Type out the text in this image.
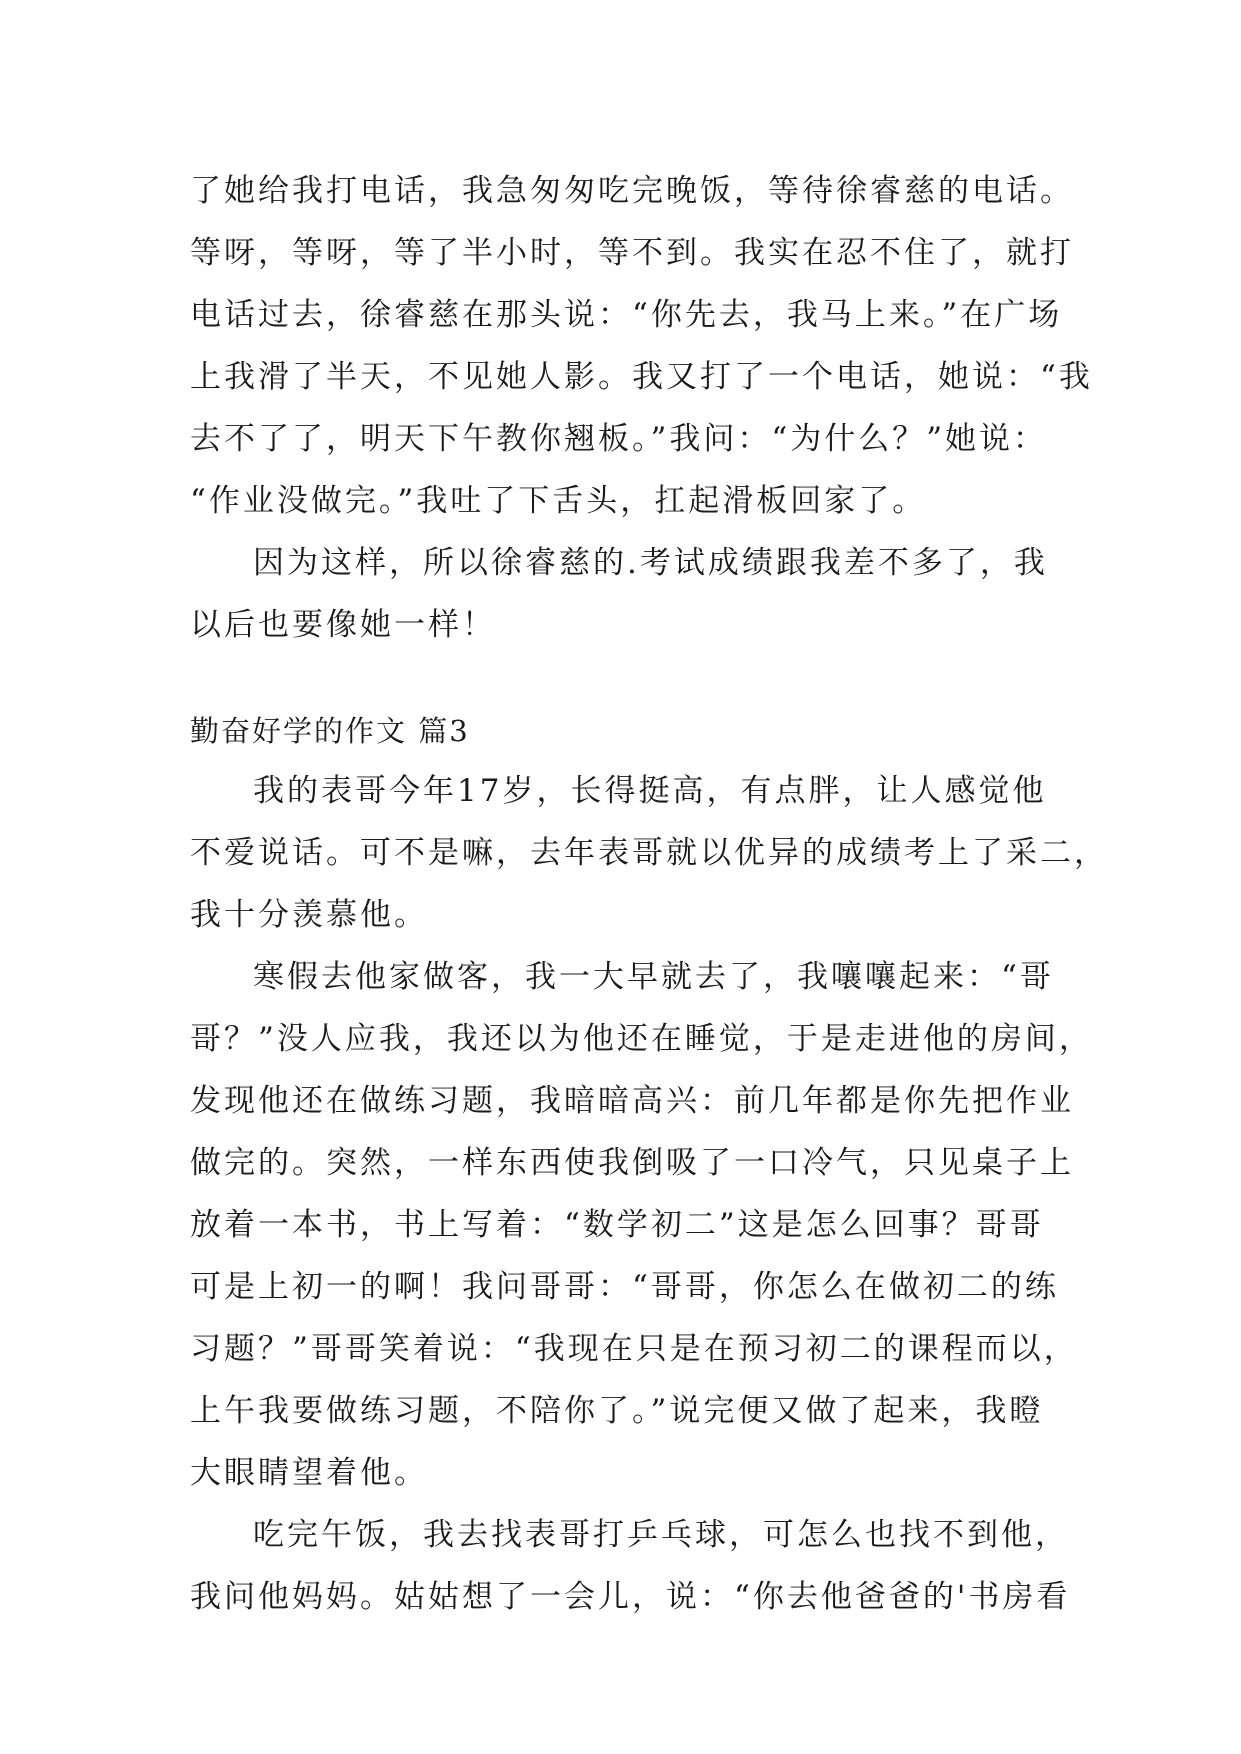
了她给我打电话，我急匆匆吃完晚饭，等待徐睿慈的电话。
等呀，等呀，等了半小时，等不到。我实在忍不住了，就打
电话过去，徐睿慈在那头说：“你先去，我马上来。”在广场
上我滑了半天，不见她人影。我又打了一个电话，她说：“我
去不了了，明天下午教你翘板。”我问：“为什么？”她说：
“作业没做完。”我吐了下舌头，扛起滑板回家了。
因为这样，所以徐睿慈的.考试成绩跟我差不多了，我
以后也要像她一样！
勤奋好学的作文 篇3
我的表哥今年17岁，长得挺高，有点胖，让人感觉他
不爱说话。可不是嘛，去年表哥就以优异的成绩考上了采二，
我十分羡慕他。
寒假去他家做客，我一大早就去了，我嚷嚷起来：“哥
哥？”没人应我，我还以为他还在睡觉，于是走进他的房间，
发现他还在做练习题，我暗暗高兴：前几年都是你先把作业
做完的。突然，一样东西使我倒吸了一口冷气，只见桌子上
放着一本书，书上写着：“数学初二”这是怎么回事？哥哥
可是上初一的啊！我问哥哥：“哥哥，你怎么在做初二的练
习题？”哥哥笑着说：“我现在只是在预习初二的课程而以，
上午我要做练习题，不陪你了。”说完便又做了起来，我瞪
大眼睛望着他。
吃完午饭，我去找表哥打乒乓球，可怎么也找不到他，
我问他妈妈。姑姑想了一会儿，说：“你去他爸爸的'书房看
